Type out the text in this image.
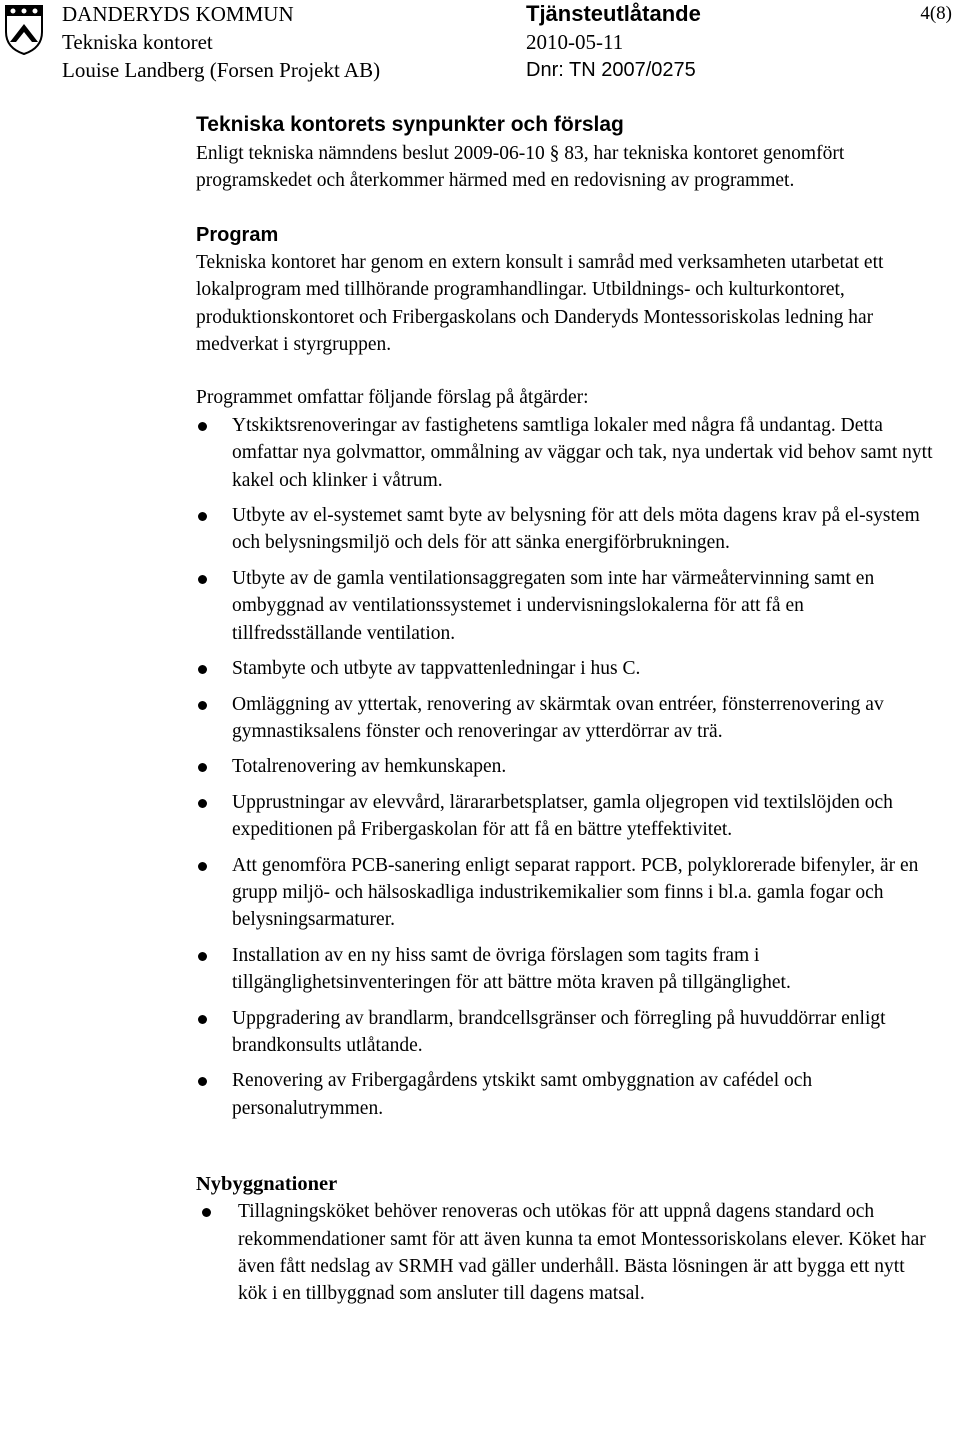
DANDERYDS KOMMUN
Tekniska kontoret
Louise Landberg (Forsen Projekt AB)
Tjänsteutlåtande
2010-05-11
Dnr: TN 2007/0275
4(8)
Tekniska kontorets synpunkter och förslag

Enligt tekniska nämndens beslut 2009-06-10 § 83, har tekniska kontoret genomfört programskedet och återkommer härmed med en redovisning av programmet.

Program

Tekniska kontoret har genom en extern konsult i samråd med verksamheten utarbetat ett lokalprogram med tillhörande programhandlingar. Utbildnings- och kulturkontoret, produktionskontoret och Fribergaskolans och Danderyds Montessoriskolas ledning har medverkat i styrgruppen.

Programmet omfattar följande förslag på åtgärder:

Ytskiktsrenoveringar av fastighetens samtliga lokaler med några få undantag. Detta omfattar nya golvmattor, ommålning av väggar och tak, nya undertak vid behov samt nytt kakel och klinker i våtrum.
Utbyte av el-systemet samt byte av belysning för att dels möta dagens krav på el-system och belysningsmiljö och dels för att sänka energiförbrukningen.
Utbyte av de gamla ventilationsaggregaten som inte har värmeåtervinning samt en ombyggnad av ventilationssystemet i undervisningslokalerna för att få en tillfredsställande ventilation.
Stambyte och utbyte av tappvattenledningar i hus C.
Omläggning av yttertak, renovering av skärmtak ovan entréer, fönsterrenovering av gymnastiksalens fönster och renoveringar av ytterdörrar av trä.
Totalrenovering av hemkunskapen.
Upprustningar av elevvård, lärararbetsplatser, gamla oljegropen vid textilslöjden och expeditionen på Fribergaskolan för att få en bättre yteffektivitet.
Att genomföra PCB-sanering enligt separat rapport. PCB, polyklorerade bifenyler, är en grupp miljö- och hälsoskadliga industrikemikalier som finns i bl.a. gamla fogar och belysningsarmaturer.
Installation av en ny hiss samt de övriga förslagen som tagits fram i tillgänglighetsinventeringen för att bättre möta kraven på tillgänglighet.
Uppgradering av brandlarm, brandcellsgränser och förregling på huvuddörrar enligt brandkonsults utlåtande.
Renovering av Fribergagårdens ytskikt samt ombyggnation av cafédel och personalutrymmen.
Nybyggnationer
Tillagningsköket behöver renoveras och utökas för att uppnå dagens standard och rekommendationer samt för att även kunna ta emot Montessoriskolans elever. Köket har även fått nedslag av SRMH vad gäller underhåll. Bästa lösningen är att bygga ett nytt kök i en tillbyggnad som ansluter till dagens matsal.
